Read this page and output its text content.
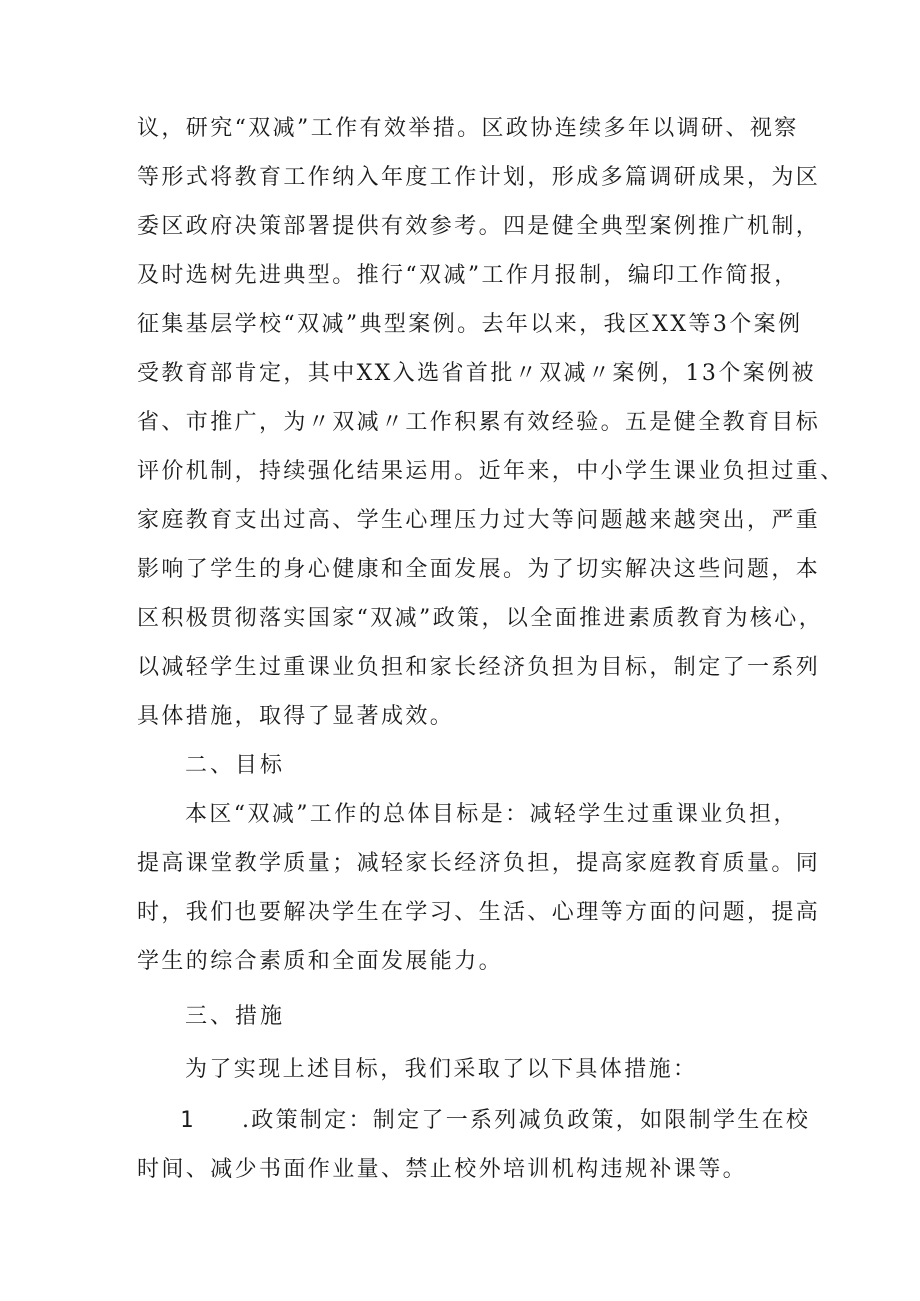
议，研究“双减”工作有效举措。区政协连续多年以调研、视察
等形式将教育工作纳入年度工作计划，形成多篇调研成果，为区
委区政府决策部署提供有效参考。四是健全典型案例推广机制，
及时选树先进典型。推行“双减”工作月报制，编印工作简报，
征集基层学校“双减”典型案例。去年以来，我区XX等3个案例
受教育部肯定，其中XX入选省首批〃双减〃案例，13个案例被
省、市推广，为〃双减〃工作积累有效经验。五是健全教育目标
评价机制，持续强化结果运用。近年来，中小学生课业负担过重、
家庭教育支出过高、学生心理压力过大等问题越来越突出，严重
影响了学生的身心健康和全面发展。为了切实解决这些问题，本
区积极贯彻落实国家“双减”政策，以全面推进素质教育为核心，
以减轻学生过重课业负担和家长经济负担为目标，制定了一系列
具体措施，取得了显著成效。
二、目标
本区“双减”工作的总体目标是：减轻学生过重课业负担，
提高课堂教学质量；减轻家长经济负担，提高家庭教育质量。同
时，我们也要解决学生在学习、生活、心理等方面的问题，提高
学生的综合素质和全面发展能力。
三、措施
为了实现上述目标，我们采取了以下具体措施：
1 .政策制定：制定了一系列减负政策，如限制学生在校
时间、减少书面作业量、禁止校外培训机构违规补课等。
